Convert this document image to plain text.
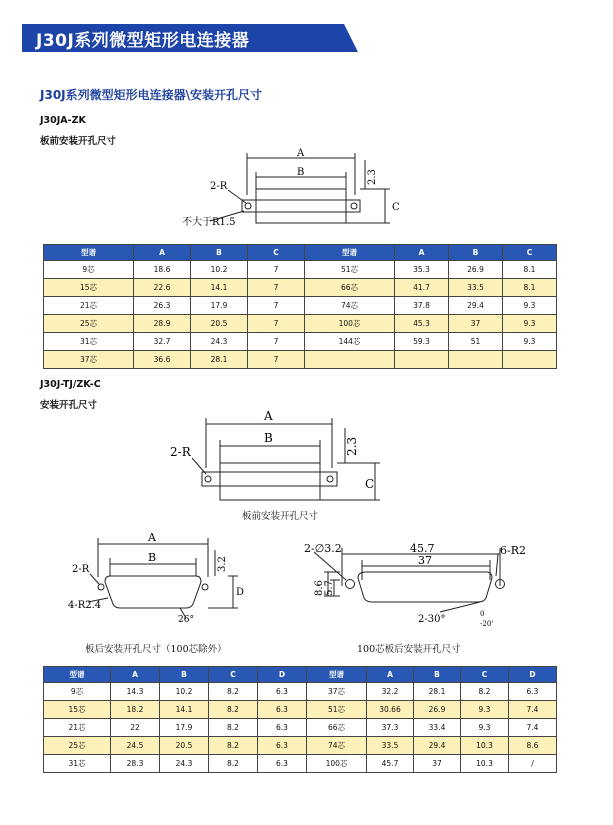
J30J系列微型矩形电连接器
J30J系列微型矩形电连接器\安装开孔尺寸
J30JA-ZK
板前安装开孔尺寸
A
B	2.3
C
2-R
不大于R1.5
型谱	A	B	C	型谱	A	B	C
9芯	18.6	10.2	7	51芯	35.3	26.9	8.1
15芯	22.6	14.1	7	66芯	41.7	33.5	8.1
21芯	26.3	17.9	7	74芯	37.8	29.4	9.3
25芯	28.9	20.5	7	100芯	45.3	37	9.3
31芯	32.7	24.3	7	144芯	59.3	51	9.3
37芯	36.6	28.1	7				
J30J-TJ/ZK-C
安装开孔尺寸
A
B	2.3
C
2-R
板前安装开孔尺寸
A
B	3.2
D
2-R
4-R2.4
26°
板后安装开孔尺寸（100芯除外）
2-∅3.2	45.7
37
6-R2
8.6 5.7
2-30°	0
-20'
100芯板后安装开孔尺寸
型谱	A	B	C	D	型谱	A	B	C	D
9芯	14.3	10.2	8.2	6.3	37芯	32.2	28.1	8.2	6.3
15芯	18.2	14.1	8.2	6.3	51芯	30.66	26.9	9.3	7.4
21芯	22	17.9	8.2	6.3	66芯	37.3	33.4	9.3	7.4
25芯	24.5	20.5	8.2	6.3	74芯	33.5	29.4	10.3	8.6
31芯	28.3	24.3	8.2	6.3	100芯	45.7	37	10.3	/
